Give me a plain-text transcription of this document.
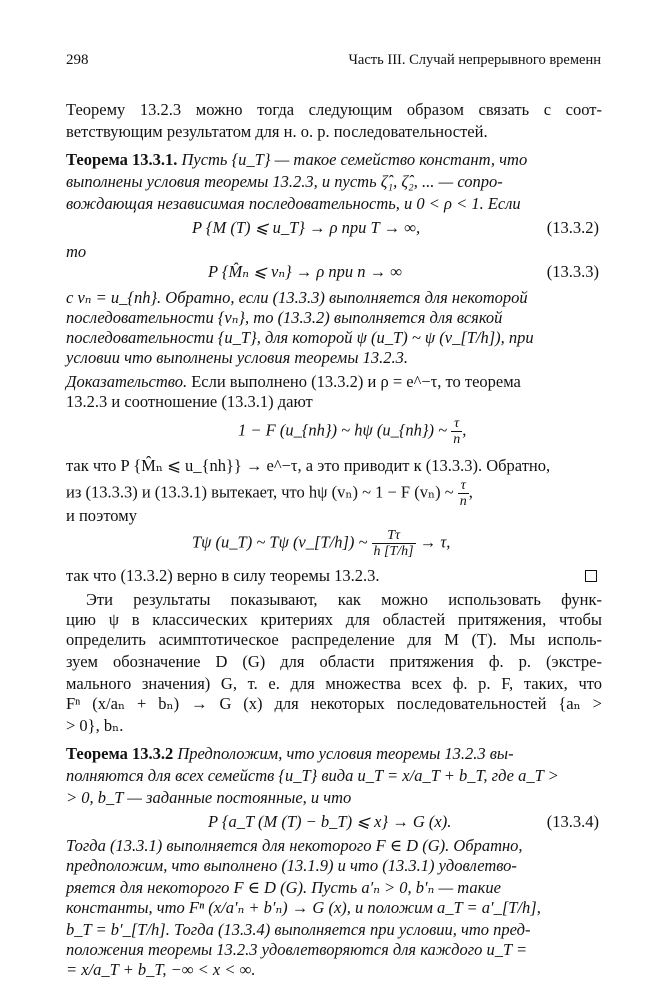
298	Часть III. Случай непрерывного временн
Теорему 13.2.3 можно тогда следующим образом связать с соот-
ветствующим результатом для н. о. р. последовательностей.
Теорема 13.3.1. Пусть {u_T} — такое семейство констант, что
выполнены условия теоремы 13.2.3, и пусть ζ̂₁, ζ̂₂, ... — сопро-
вождающая независимая последовательность, и 0 < ρ < 1. Если
P {M (T) ⩽ u_T} → ρ при T → ∞,	(13.3.2)
то
P {M̂ₙ ⩽ vₙ} → ρ при n → ∞	(13.3.3)
с vₙ = u_{nh}. Обратно, если (13.3.3) выполняется для некоторой
последовательности {vₙ}, то (13.3.2) выполняется для всякой
последовательности {u_T}, для которой ψ (u_T) ~ ψ (v_[T/h]), при
условии что выполнены условия теоремы 13.2.3.
Доказательство. Если выполнено (13.3.2) и ρ = e^−τ, то теорема
13.2.3 и соотношение (13.3.1) дают
1 − F (u_{nh}) ~ hψ (u_{nh}) ~ $\frac{\tau}{n}$ ,
так что P {M̂ₙ ⩽ u_{nh}} → e^−τ, а это приводит к (13.3.3). Обратно,
из (13.3.3) и (13.3.1) вытекает, что hψ (vₙ) ~ 1 − F (vₙ) ~ $\frac{\tau}{n}$ ,
и поэтому
Tψ (u_T) ~ Tψ (v_[T/h]) ~ $\frac{T\tau}{h [T/h]} \to \tau$,
так что (13.3.2) верно в силу теоремы 13.2.3.
Эти результаты показывают, как можно использовать функ-
цию ψ в классических критериях для областей притяжения, чтобы
определить асимптотическое распределение для M (T). Мы исполь-
зуем обозначение D (G) для области притяжения ф. р. (экстре-
мального значения) G, т. е. для множества всех ф. р. F, таких, что
Fⁿ (x/aₙ + bₙ) → G (x) для некоторых последовательностей {aₙ >
> 0}, bₙ.
Теорема 13.3.2 Предположим, что условия теоремы 13.2.3 вы-
полняются для всех семейств {u_T} вида u_T = x/a_T + b_T, где a_T >
> 0, b_T — заданные постоянные, и что
P {a_T (M (T) − b_T) ⩽ x} → G (x).	(13.3.4)
Тогда (13.3.1) выполняется для некоторого F ∈ D (G). Обратно,
предположим, что выполнено (13.1.9) и что (13.3.1) удовлетво-
ряется для некоторого F ∈ D (G). Пусть a′ₙ > 0, b′ₙ — такие
константы, что Fⁿ (x/a′ₙ + b′ₙ) → G (x), и положим a_T = a′_[T/h],
b_T = b′_[T/h]. Тогда (13.3.4) выполняется при условии, что пред-
положения теоремы 13.2.3 удовлетворяются для каждого u_T =
= x/a_T + b_T, −∞ < x < ∞.
